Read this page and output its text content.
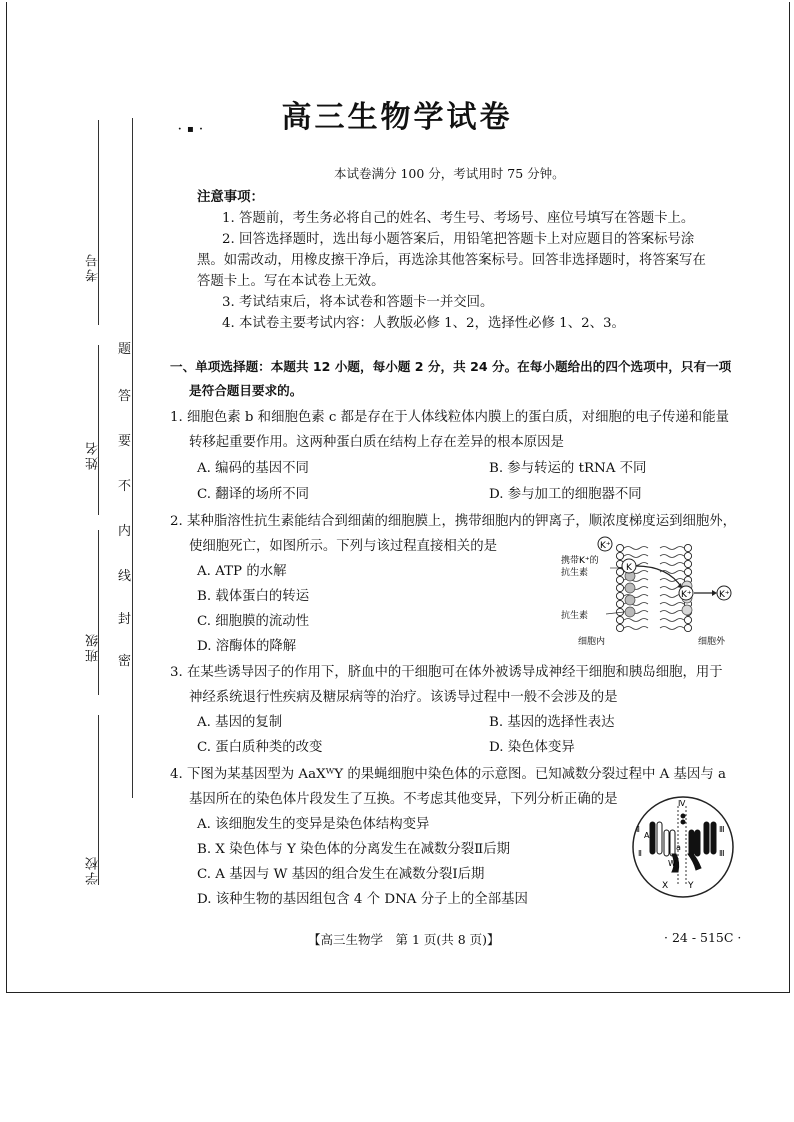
考号
姓名
班级
学校
题
答
要
不
内
线
封
密
· ▪ ·	高三生物学试卷
本试卷满分 100 分，考试用时 75 分钟。
注意事项：
1. 答题前，考生务必将自己的姓名、考生号、考场号、座位号填写在答题卡上。
2. 回答选择题时，选出每小题答案后，用铅笔把答题卡上对应题目的答案标号涂
黑。如需改动，用橡皮擦干净后，再选涂其他答案标号。回答非选择题时，将答案写在
答题卡上。写在本试卷上无效。
3. 考试结束后，将本试卷和答题卡一并交回。
4. 本试卷主要考试内容：人教版必修 1、2，选择性必修 1、2、3。
一、单项选择题：本题共 12 小题，每小题 2 分，共 24 分。在每小题给出的四个选项中，只有一项
是符合题目要求的。
1. 细胞色素 b 和细胞色素 c 都是存在于人体线粒体内膜上的蛋白质，对细胞的电子传递和能量
转移起重要作用。这两种蛋白质在结构上存在差异的根本原因是
A. 编码的基因不同	B. 参与转运的 tRNA 不同
C. 翻译的场所不同	D. 参与加工的细胞器不同
2. 某种脂溶性抗生素能结合到细菌的细胞膜上，携带细胞内的钾离子，顺浓度梯度运到细胞外，
使细胞死亡，如图所示。下列与该过程直接相关的是
A. ATP 的水解
B. 载体蛋白的转运
C. 细胞膜的流动性
D. 溶酶体的降解
K⁺
K
K⁺	K⁺
携带K⁺的
抗生素
抗生素
细胞内	细胞外
3. 在某些诱导因子的作用下，脐血中的干细胞可在体外被诱导成神经干细胞和胰岛细胞，用于
神经系统退行性疾病及糖尿病等的治疗。该诱导过程中一般不会涉及的是
A. 基因的复制	B. 基因的选择性表达
C. 蛋白质种类的改变	D. 染色体变异
4. 下图为某基因型为 AaXᵂY 的果蝇细胞中染色体的示意图。已知减数分裂过程中 A 基因与 a
基因所在的染色体片段发生了互换。不考虑其他变异，下列分析正确的是
A. 该细胞发生的变异是染色体结构变异
B. X 染色体与 Y 染色体的分离发生在减数分裂Ⅱ后期
C. A 基因与 W 基因的组合发生在减数分裂Ⅰ后期
D. 该种生物的基因组包含 4 个 DNA 分子上的全部基因
Ⅳ
Ⅱ
Ⅱ
Ⅲ
Ⅲ
A
a
W
X Y
【高三生物学　第 1 页(共 8 页)】	· 24 - 515C ·
